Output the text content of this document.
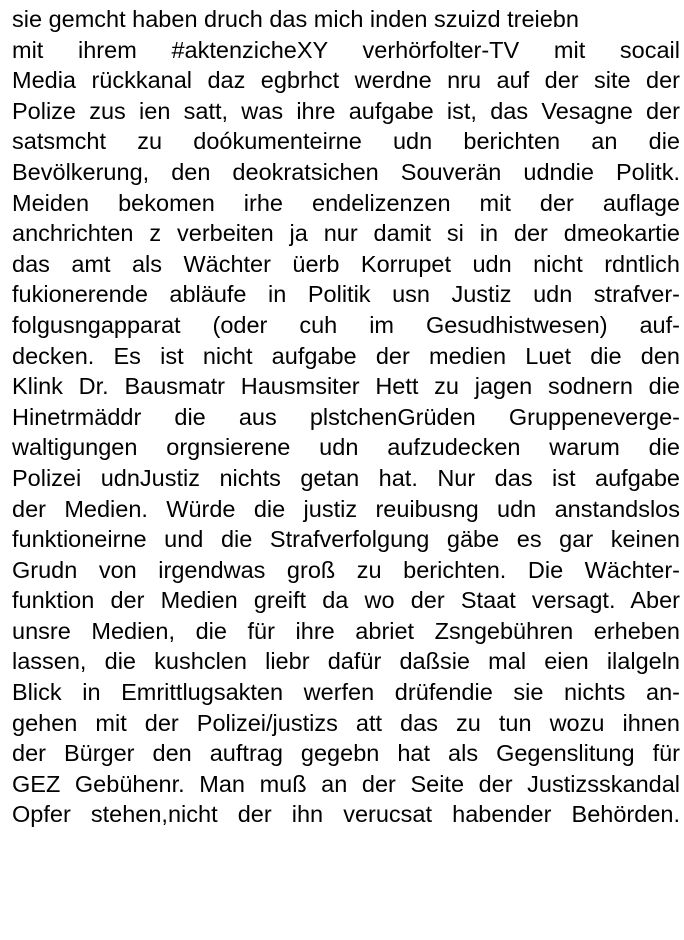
sie gemcht haben druch das mich inden szuizd treiebn
mit ihrem #aktenzicheXY verhörfolter-TV mit socail
Media rückkanal daz egbrhct werdne nru auf der site der
Polize zus ien satt, was ihre aufgabe ist, das Vesagne der
satsmcht zu doókumenteirne udn berichten an die
Bevölkerung, den deokratsichen Souverän udndie Politk.
Meiden bekomen irhe endelizenzen mit der auflage
anchrichten z verbeiten ja nur damit si in der dmeokartie
das amt als Wächter üerb Korrupet udn nicht rdntlich
fukionerende abläufe in Politik usn Justiz udn strafver-
folgusngapparat (oder cuh im Gesudhistwesen) auf-
decken. Es ist nicht aufgabe der medien Luet die den
Klink Dr. Bausmatr Hausmsiter Hett zu jagen sodnern die
Hinetrmäddr die aus plstchenGrüden Gruppenevergе-
waltigungen orgnsierene udn aufzudecken warum die
Polizei udnJustiz nichts getan hat. Nur das ist aufgabe
der Medien. Würde die justiz reuibusng udn anstandslos
funktioneirne und die Strafverfolgung gäbe es gar keinen
Grudn von irgendwas groß zu berichten. Die Wächter-
funktion der Medien greift da wo der Staat versagt. Aber
unsre Medien, die für ihre abriet Zsngebühren erheben
lassen, die kushclen liebr dafür daßsie mal eien ilalgeln
Blick in Emrittlugsakten werfen drüfendie sie nichts an-
gehen mit der Polizei/justizs att das zu tun wozu ihnen
der Bürger den auftrag gegebn hat als Gegenslitung für
GEZ Gebühenr. Man muß an der Seite der Justizsskandal
Opfer stehen,nicht der ihn verucsat habender Behörden.
